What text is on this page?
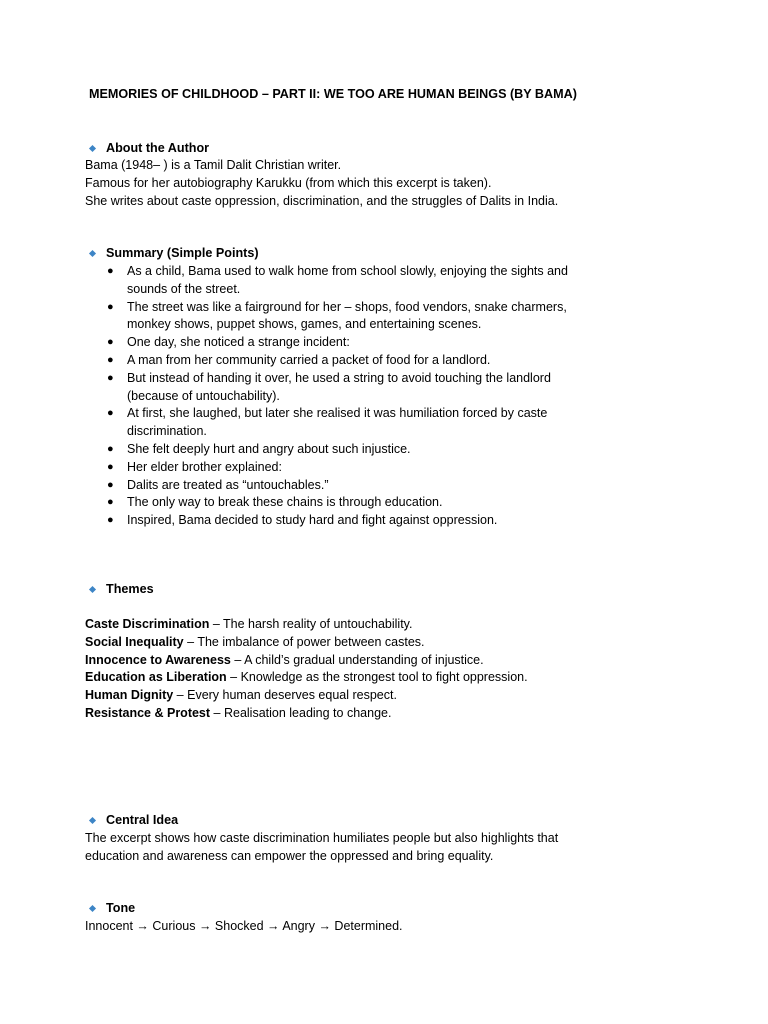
MEMORIES OF CHILDHOOD – PART II: WE TOO ARE HUMAN BEINGS (BY BAMA)
About the Author
Bama (1948– ) is a Tamil Dalit Christian writer.
Famous for her autobiography Karukku (from which this excerpt is taken).
She writes about caste oppression, discrimination, and the struggles of Dalits in India.
Summary (Simple Points)
● As a child, Bama used to walk home from school slowly, enjoying the sights and sounds of the street.
● The street was like a fairground for her – shops, food vendors, snake charmers, monkey shows, puppet shows, games, and entertaining scenes.
● One day, she noticed a strange incident:
● A man from her community carried a packet of food for a landlord.
● But instead of handing it over, he used a string to avoid touching the landlord (because of untouchability).
● At first, she laughed, but later she realised it was humiliation forced by caste discrimination.
● She felt deeply hurt and angry about such injustice.
● Her elder brother explained:
● Dalits are treated as “untouchables.”
● The only way to break these chains is through education.
● Inspired, Bama decided to study hard and fight against oppression.
Themes
Caste Discrimination – The harsh reality of untouchability.
Social Inequality – The imbalance of power between castes.
Innocence to Awareness – A child’s gradual understanding of injustice.
Education as Liberation – Knowledge as the strongest tool to fight oppression.
Human Dignity – Every human deserves equal respect.
Resistance & Protest – Realisation leading to change.
Central Idea
The excerpt shows how caste discrimination humiliates people but also highlights that
education and awareness can empower the oppressed and bring equality.
Tone
Innocent → Curious → Shocked → Angry → Determined.
